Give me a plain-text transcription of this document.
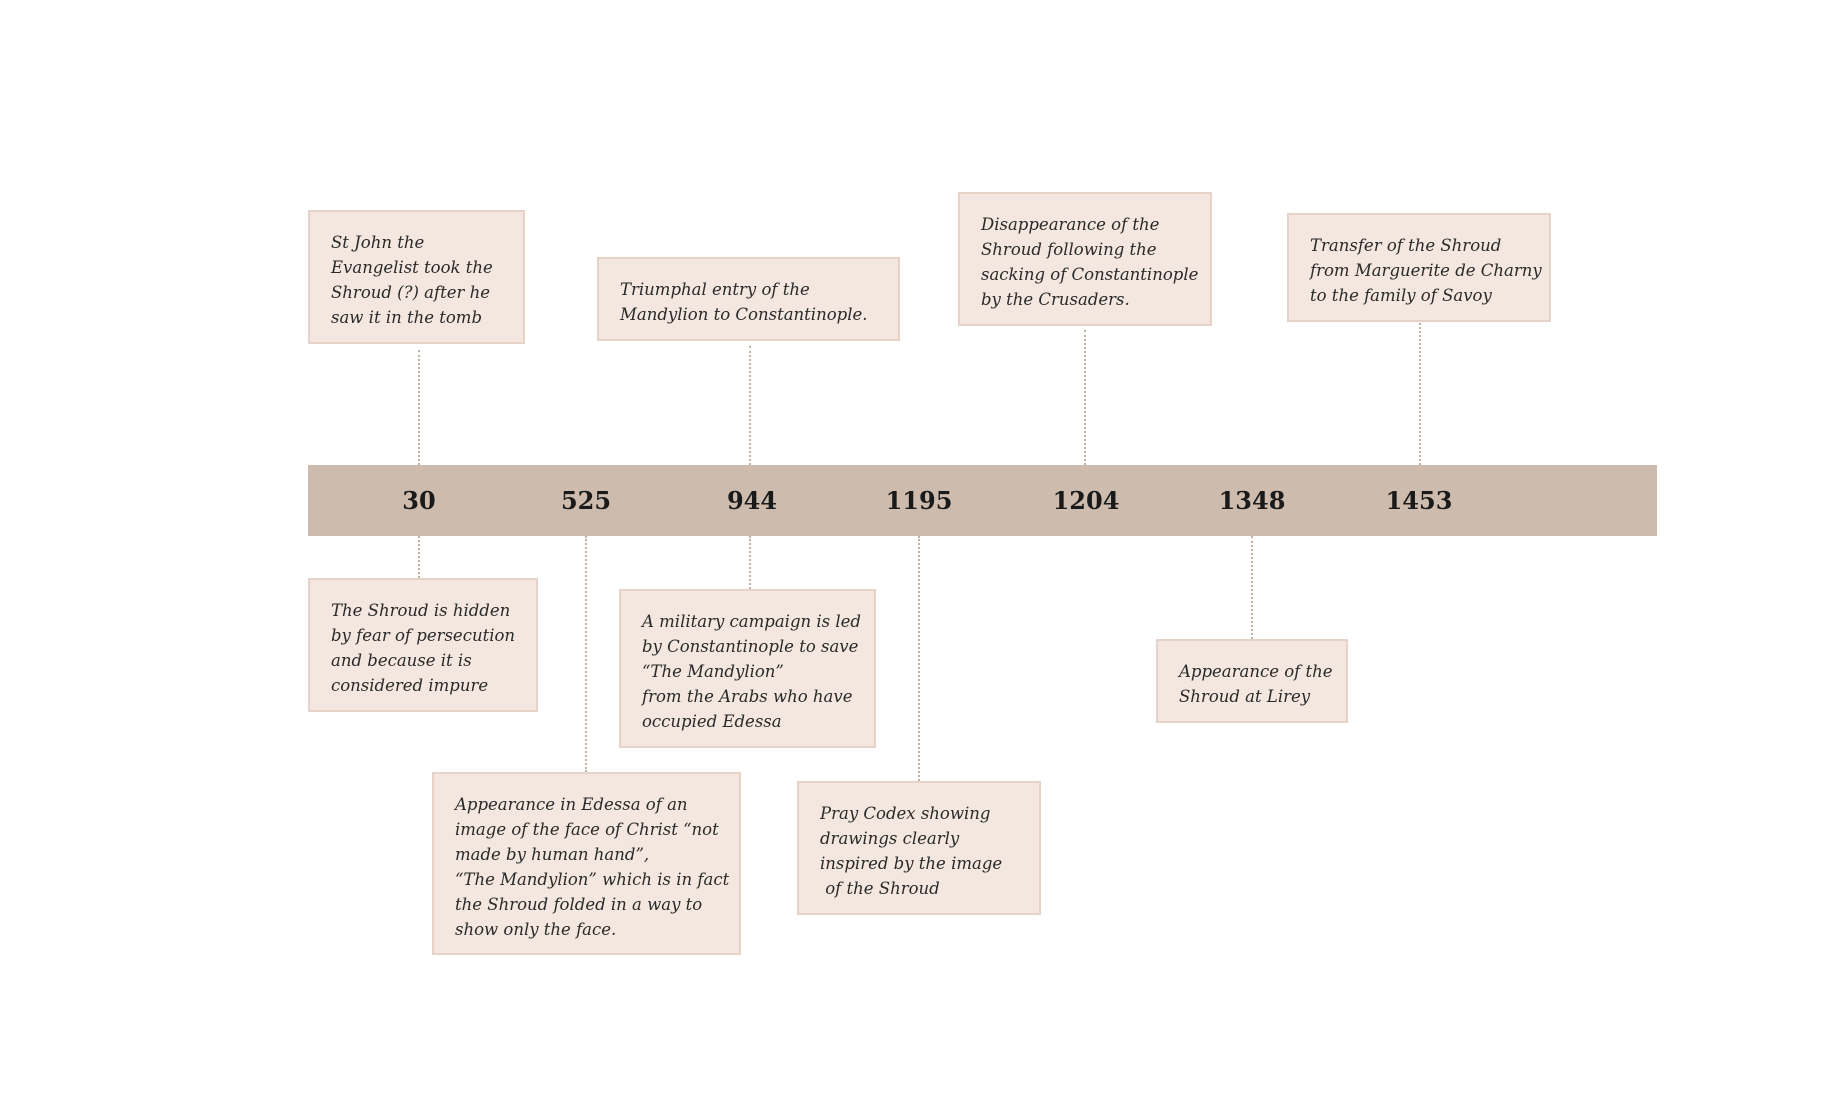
30	525	944	1195	1204	1348	1453
St John the
Evangelist took the
Shroud (?) after he
saw it in the tomb
Triumphal entry of the
Mandylion to Constantinople.
Disappearance of the
Shroud following the
sacking of Constantinople
by the Crusaders.
Transfer of the Shroud
from Marguerite de Charny
to the family of Savoy
The Shroud is hidden
by fear of persecution
and because it is
considered impure
A military campaign is led
by Constantinople to save
“The Mandylion”
from the Arabs who have
occupied Edessa
Appearance of the
Shroud at Lirey
Appearance in Edessa of an
image of the face of Christ “not
made by human hand”,
“The Mandylion” which is in fact
the Shroud folded in a way to
show only the face.
Pray Codex showing
drawings clearly
inspired by the image
of the Shroud
